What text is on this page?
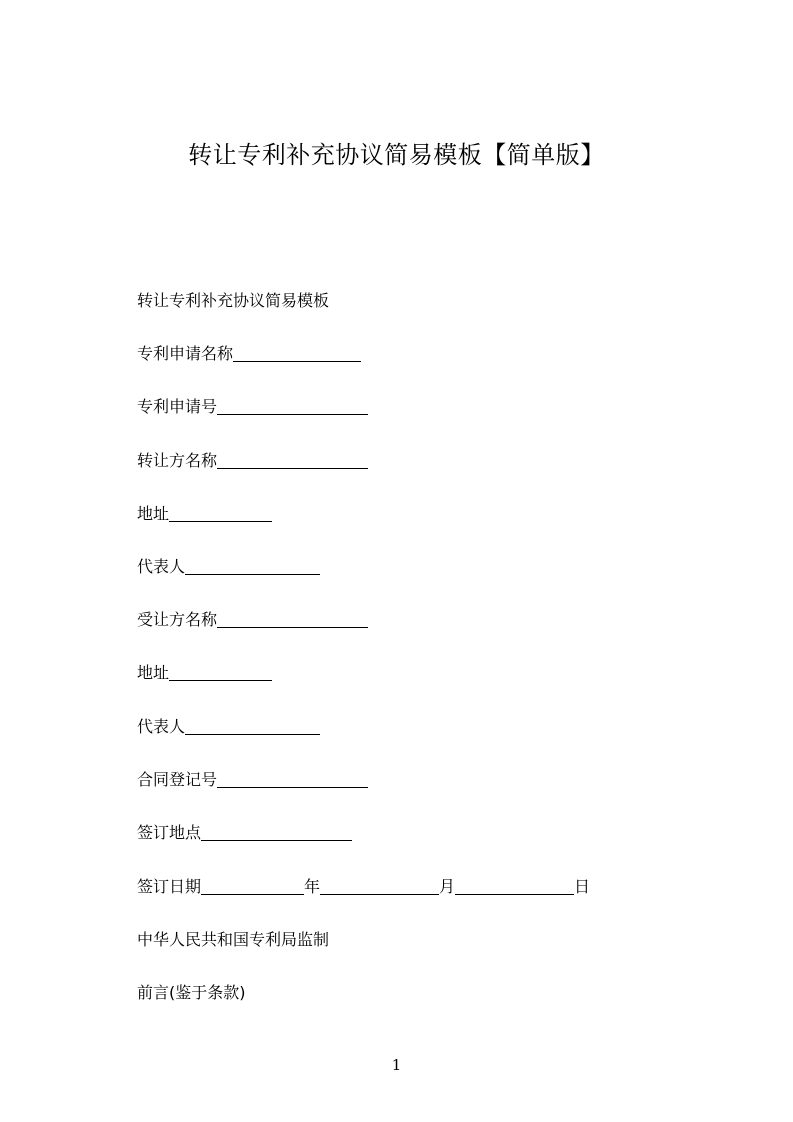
转让专利补充协议简易模板【简单版】
转让专利补充协议简易模板
专利申请名称
专利申请号
转让方名称
地址
代表人
受让方名称
地址
代表人
合同登记号
签订地点
签订日期	年	月	日
中华人民共和国专利局监制
前言(鉴于条款)
1
